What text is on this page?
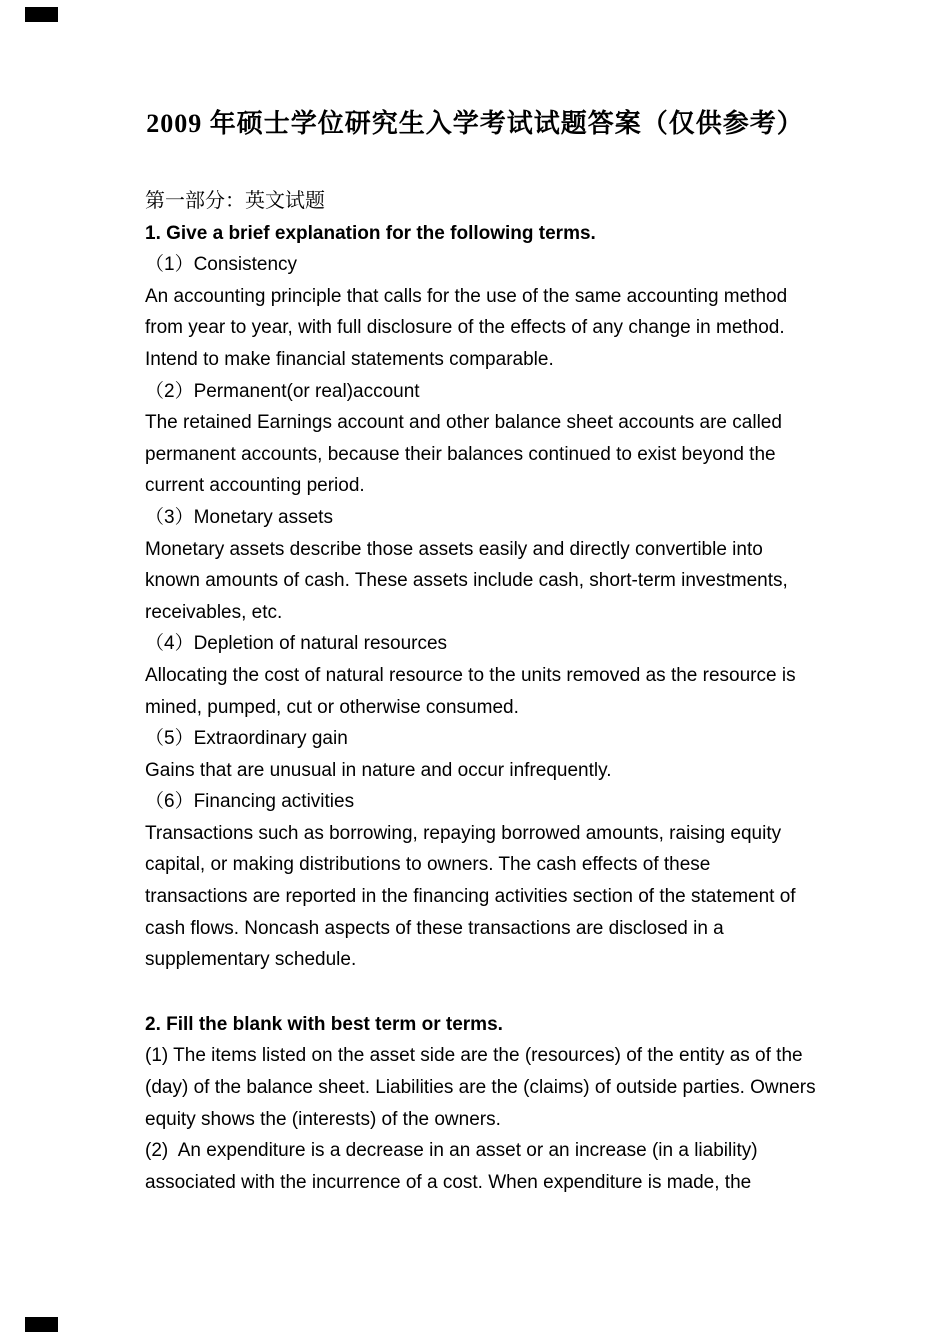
2009 年硕士学位研究生入学考试试题答案（仅供参考）

第一部分：英文试题

1. Give a brief explanation for the following terms.

（1）Consistency

An accounting principle that calls for the use of the same accounting method from year to year, with full disclosure of the effects of any change in method.  Intend to make financial statements comparable.

（2）Permanent(or real)account

The retained Earnings account and other balance sheet accounts are called permanent accounts, because their balances continued to exist beyond the current accounting period.

（3）Monetary assets

Monetary assets describe those assets easily and directly convertible into known amounts of cash. These assets include cash, short-term investments, receivables, etc.

（4）Depletion of natural resources

Allocating the cost of natural resource to the units removed as the resource is mined, pumped, cut or otherwise consumed.

（5）Extraordinary gain

Gains that are unusual in nature and occur infrequently.

（6）Financing activities

Transactions such as borrowing, repaying borrowed amounts, raising equity capital, or making distributions to owners. The cash effects of these transactions are reported in the financing activities section of the statement of cash flows. Noncash aspects of these transactions are disclosed in a supplementary schedule.

2. Fill the blank with best term or terms.

(1) The items listed on the asset side are the (resources) of the entity as of the (day) of the balance sheet. Liabilities are the (claims) of outside parties. Owners  equity shows the (interests) of the owners.

(2)  An expenditure is a decrease in an asset or an increase (in a liability) associated with the incurrence of a cost. When expenditure is made, the
